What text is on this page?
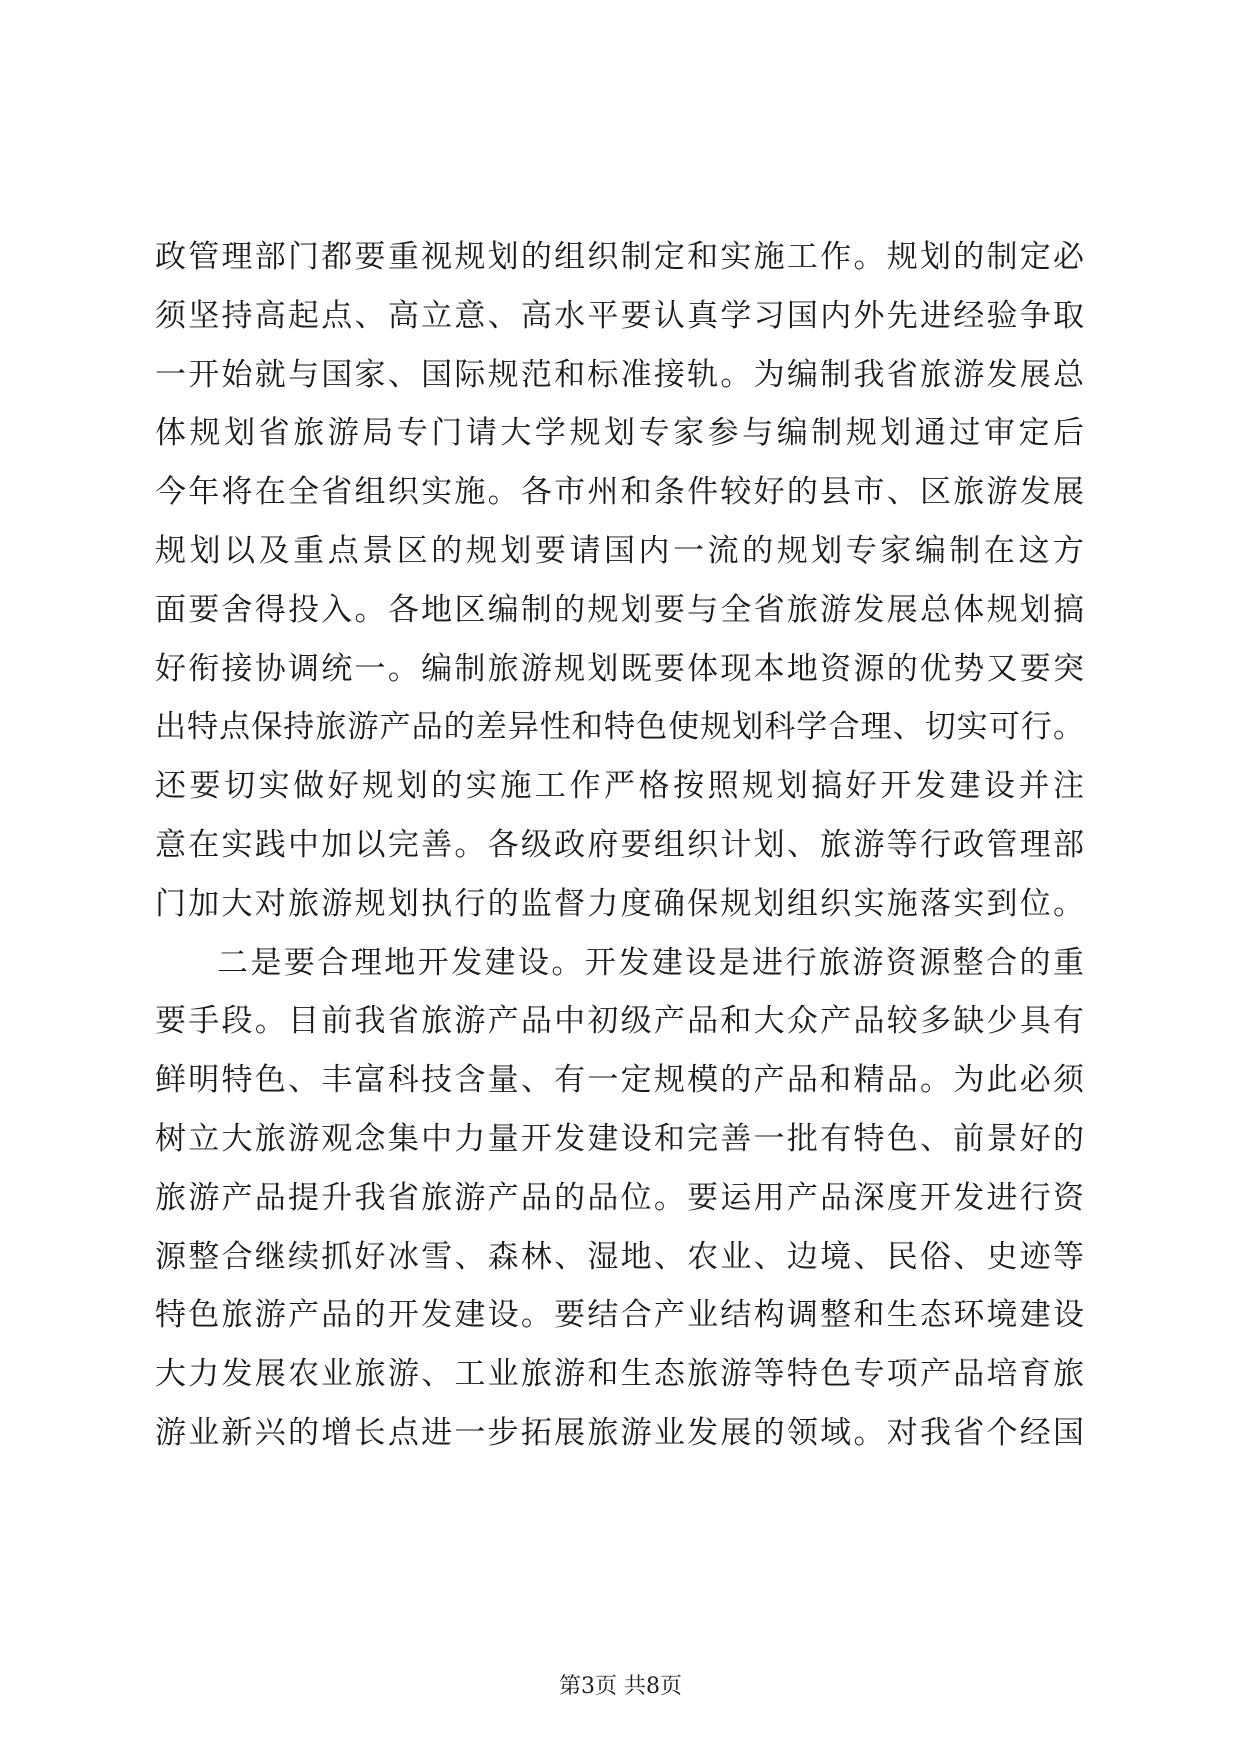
政管理部门都要重视规划的组织制定和实施工作。规划的制定必
须坚持高起点、高立意、高水平要认真学习国内外先进经验争取
一开始就与国家、国际规范和标准接轨。为编制我省旅游发展总
体规划省旅游局专门请大学规划专家参与编制规划通过审定后
今年将在全省组织实施。各市州和条件较好的县市、区旅游发展
规划以及重点景区的规划要请国内一流的规划专家编制在这方
面要舍得投入。各地区编制的规划要与全省旅游发展总体规划搞
好衔接协调统一。编制旅游规划既要体现本地资源的优势又要突
出特点保持旅游产品的差异性和特色使规划科学合理、切实可行。
还要切实做好规划的实施工作严格按照规划搞好开发建设并注
意在实践中加以完善。各级政府要组织计划、旅游等行政管理部
门加大对旅游规划执行的监督力度确保规划组织实施落实到位。
二是要合理地开发建设。开发建设是进行旅游资源整合的重
要手段。目前我省旅游产品中初级产品和大众产品较多缺少具有
鲜明特色、丰富科技含量、有一定规模的产品和精品。为此必须
树立大旅游观念集中力量开发建设和完善一批有特色、前景好的
旅游产品提升我省旅游产品的品位。要运用产品深度开发进行资
源整合继续抓好冰雪、森林、湿地、农业、边境、民俗、史迹等
特色旅游产品的开发建设。要结合产业结构调整和生态环境建设
大力发展农业旅游、工业旅游和生态旅游等特色专项产品培育旅
游业新兴的增长点进一步拓展旅游业发展的领域。对我省个经国
第3页 共8页
